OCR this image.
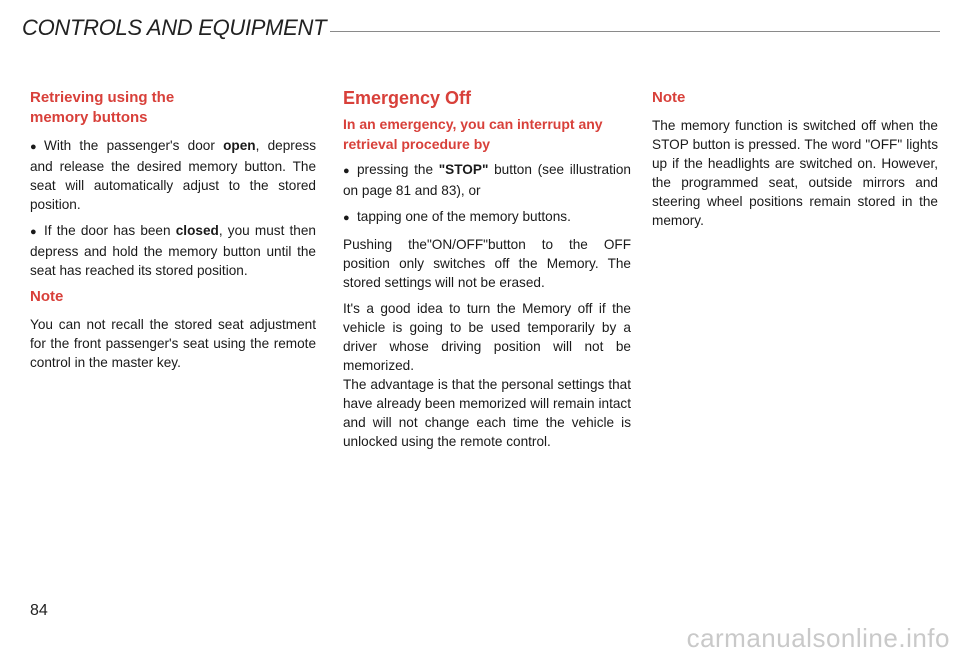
CONTROLS AND EQUIPMENT
Retrieving using the
memory buttons

● With the passenger's door open, depress and release the desired memory button. The seat will automatically adjust to the stored position.

● If the door has been closed, you must then depress and hold the memory button until the seat has reached its stored position.

Note

You can not recall the stored seat adjustment for the front passenger's seat using the remote control in the master key.

Emergency Off
In an emergency, you can interrupt any retrieval procedure by

● pressing the "STOP" button (see illustration on page 81 and 83), or

● tapping one of the memory buttons.

Pushing the"ON/OFF"button to the OFF position only switches off the Memory. The stored settings will not be erased.

It's a good idea to turn the Memory off if the vehicle is going to be used temporarily by a driver whose driving position will not be memorized.

The advantage is that the personal settings that have already been memorized will remain intact and will not change each time the vehicle is unlocked using the remote control.

Note

The memory function is switched off when the STOP button is pressed. The word "OFF" lights up if the headlights are switched on. However, the programmed seat, outside mirrors and steering wheel positions remain stored in the memory.

84
carmanualsonline.info
